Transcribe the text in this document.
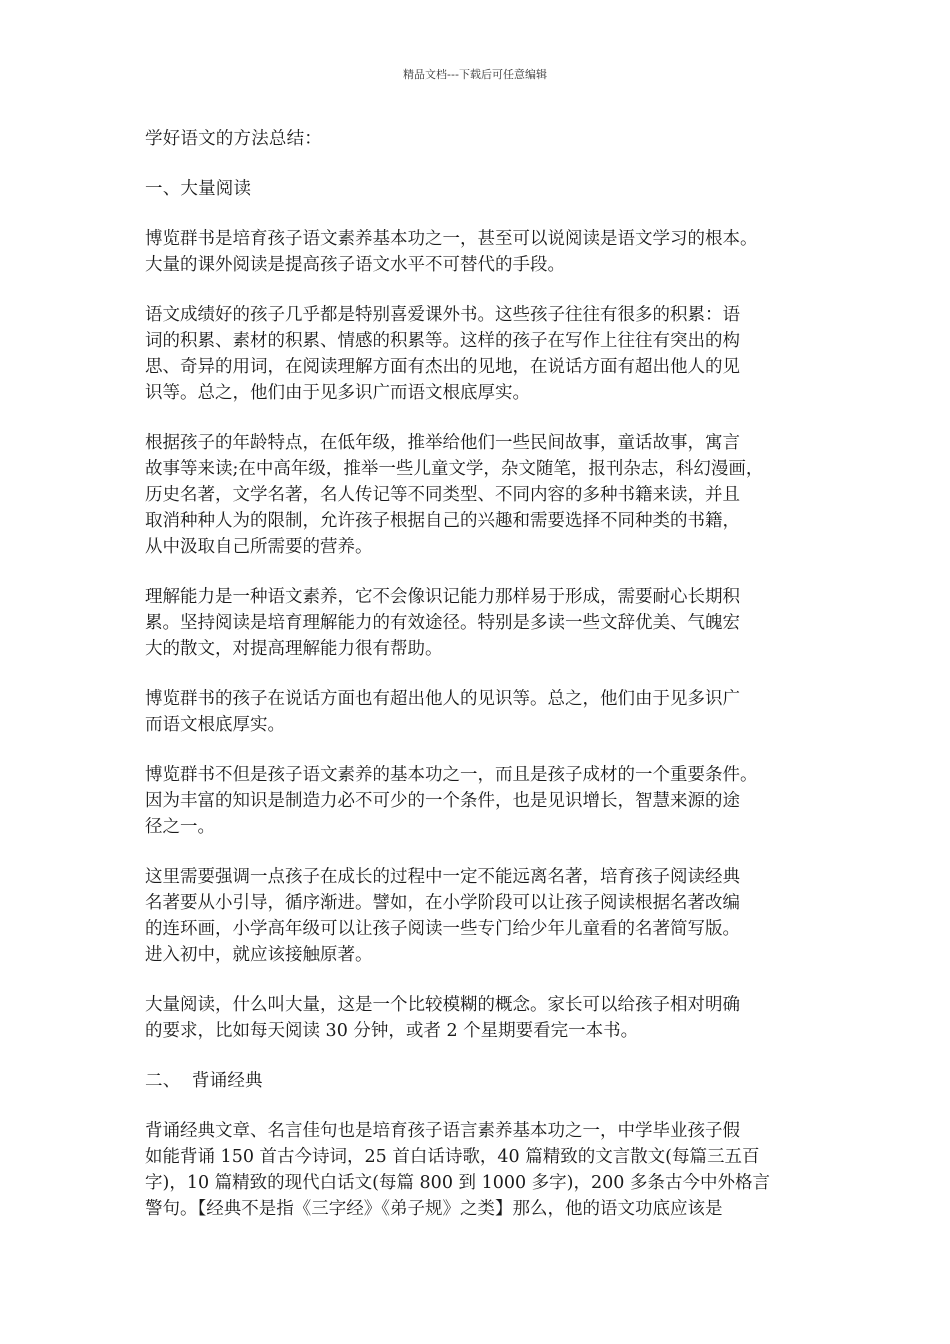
精品文档---下载后可任意编辑
学好语文的方法总结：
一、大量阅读
博览群书是培育孩子语文素养基本功之一，甚至可以说阅读是语文学习的根本。
大量的课外阅读是提高孩子语文水平不可替代的手段。
语文成绩好的孩子几乎都是特别喜爱课外书。这些孩子往往有很多的积累：语
词的积累、素材的积累、情感的积累等。这样的孩子在写作上往往有突出的构
思、奇异的用词，在阅读理解方面有杰出的见地，在说话方面有超出他人的见
识等。总之，他们由于见多识广而语文根底厚实。
根据孩子的年龄特点，在低年级，推举给他们一些民间故事，童话故事，寓言
故事等来读;在中高年级，推举一些儿童文学，杂文随笔，报刊杂志，科幻漫画，
历史名著，文学名著，名人传记等不同类型、不同内容的多种书籍来读，并且
取消种种人为的限制，允许孩子根据自己的兴趣和需要选择不同种类的书籍，
从中汲取自己所需要的营养。
理解能力是一种语文素养，它不会像识记能力那样易于形成，需要耐心长期积
累。坚持阅读是培育理解能力的有效途径。特别是多读一些文辞优美、气魄宏
大的散文，对提高理解能力很有帮助。
博览群书的孩子在说话方面也有超出他人的见识等。总之，他们由于见多识广
而语文根底厚实。
博览群书不但是孩子语文素养的基本功之一，而且是孩子成材的一个重要条件。
因为丰富的知识是制造力必不可少的一个条件，也是见识增长，智慧来源的途
径之一。
这里需要强调一点孩子在成长的过程中一定不能远离名著，培育孩子阅读经典
名著要从小引导，循序渐进。譬如，在小学阶段可以让孩子阅读根据名著改编
的连环画，小学高年级可以让孩子阅读一些专门给少年儿童看的名著简写版。
进入初中，就应该接触原著。
大量阅读，什么叫大量，这是一个比较模糊的概念。家长可以给孩子相对明确
的要求，比如每天阅读 30 分钟，或者 2 个星期要看完一本书。
二、  背诵经典
背诵经典文章、名言佳句也是培育孩子语言素养基本功之一，中学毕业孩子假
如能背诵 150 首古今诗词，25 首白话诗歌，40 篇精致的文言散文(每篇三五百
字)，10 篇精致的现代白话文(每篇 800 到 1000 多字)，200 多条古今中外格言
警句。【经典不是指《三字经》《弟子规》之类】那么，他的语文功底应该是
